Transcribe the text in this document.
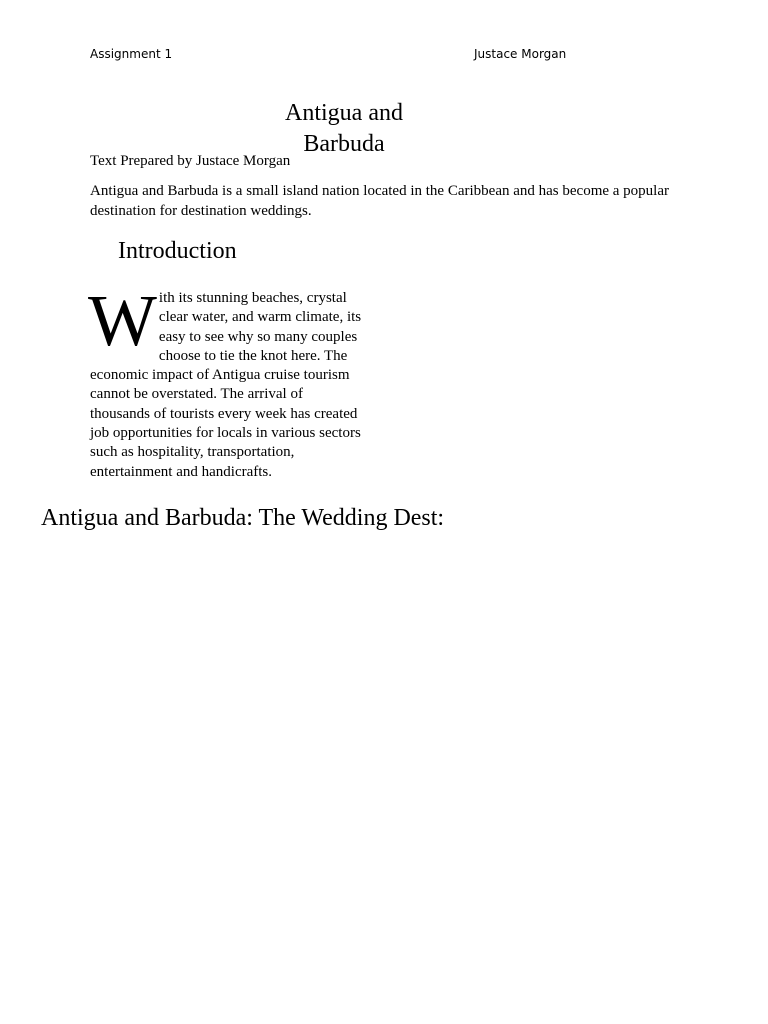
Assignment 1	Justace Morgan
Antigua and Barbuda
Text Prepared by Justace Morgan

Antigua and Barbuda is a small island nation located in the Caribbean and has become a popular destination for destination weddings.

Introduction

With its stunning beaches, crystal clear water, and warm climate, its easy to see why so many couples choose to tie the knot here. The economic impact of Antigua cruise tourism cannot be overstated. The arrival of thousands of tourists every week has created job opportunities for locals in various sectors such as hospitality, transportation, entertainment and handicrafts.

Antigua and Barbuda: The Wedding Dest:
